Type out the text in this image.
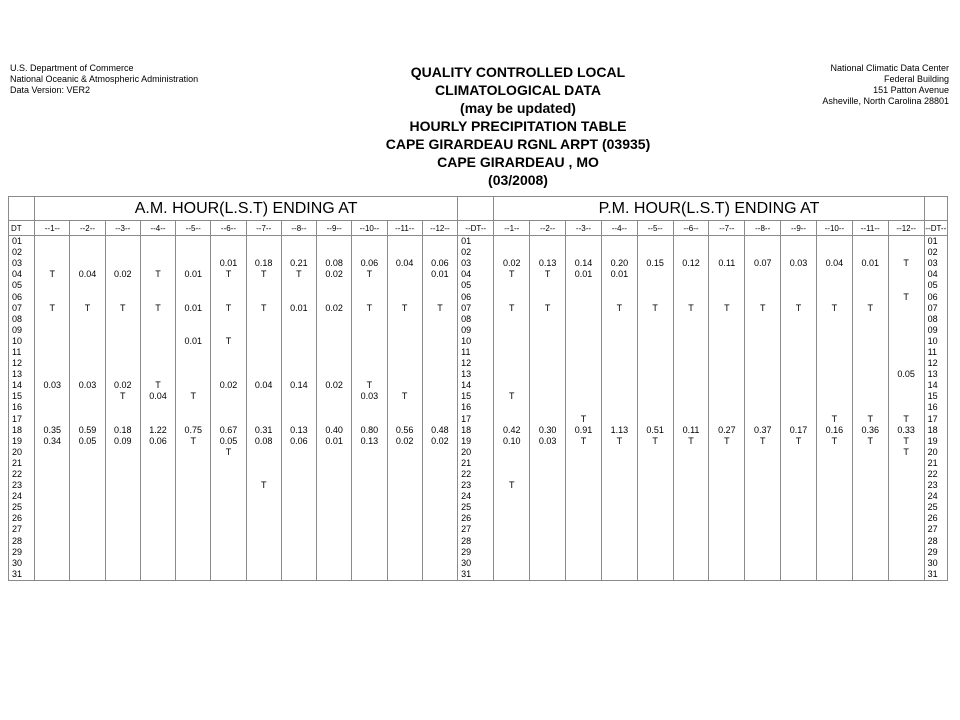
U.S. Department of Commerce
National Oceanic & Atmospheric Administration
Data Version: VER2
QUALITY CONTROLLED LOCAL
CLIMATOLOGICAL DATA
(may be updated)
HOURLY PRECIPITATION TABLE
CAPE GIRARDEAU RGNL ARPT (03935)
CAPE GIRARDEAU , MO
(03/2008)
National Climatic Data Center
Federal Building
151 Patton Avenue
Asheville, North Carolina 28801
	A.M. HOUR(L.S.T) ENDING AT													P.M. HOUR(L.S.T) ENDING AT												
DT	--1--	--2--	--3--	--4--	--5--	--6--	--7--	--8--	--9--	--10--	--11--	--12--	--DT--	--1--	--2--	--3--	--4--	--5--	--6--	--7--	--8--	--9--	--10--	--11--	--12--	--DT--
01													01													01
02													02													02
03						0.01	0.18	0.21	0.08	0.06	0.04	0.06	03	0.02	0.13	0.14	0.20	0.15	0.12	0.11	0.07	0.03	0.04	0.01	T	03
04	T	0.04	0.02	T	0.01	T	T	T	0.02	T		0.01	04	T	T	0.01	0.01									04
05													05													05
06													06												T	06
07	T	T	T	T	0.01	T	T	0.01	0.02	T	T	T	07	T	T		T	T	T	T	T	T	T	T		07
08													08													08
09													09													09
10					0.01	T							10													10
11													11													11
12													12													12
13													13												0.05	13
14	0.03	0.03	0.02	T		0.02	0.04	0.14	0.02	T			14													14
15			T	0.04	T					0.03	T		15	T												15
16													16													16
17													17			T							T	T	T	17
18	0.35	0.59	0.18	1.22	0.75	0.67	0.31	0.13	0.40	0.80	0.56	0.48	18	0.42	0.30	0.91	1.13	0.51	0.11	0.27	0.37	0.17	0.16	0.36	0.33	18
19	0.34	0.05	0.09	0.06	T	0.05	0.08	0.06	0.01	0.13	0.02	0.02	19	0.10	0.03	T	T	T	T	T	T	T	T	T	T	19
20						T							20												T	20
21													21													21
22													22													22
23							T						23	T												23
24													24													24
25													25													25
26													26													26
27													27													27
28													28													28
29													29													29
30													30													30
31													31													31
